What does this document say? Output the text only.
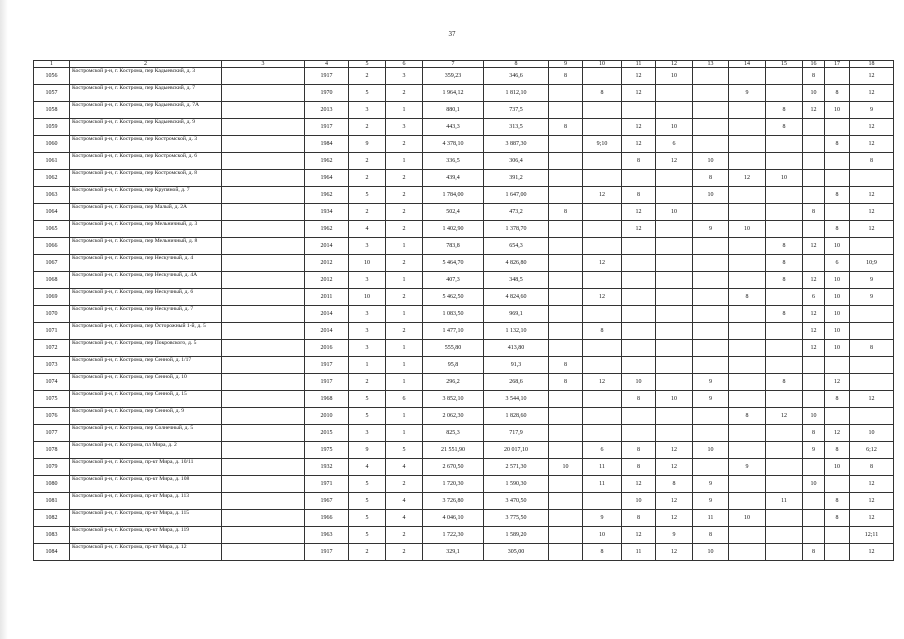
37
1	2	3	4	5	6	7	8	9	10	11	12	13	14	15	16	17	18
1056	Костромской р-н, г. Кострома, пер Кадыевский, д. 3		1917	2	3	359,23	346,6	8		12	10				8		12
1057	Костромской р-н, г. Кострома, пер Кадыевский, д. 7		1970	5	2	1 964,12	1 812,10		8	12			9		10	8	12
1058	Костромской р-н, г. Кострома, пер Кадыевский, д. 7А		2013	3	1	880,1	737,5							8	12	10	9
1059	Костромской р-н, г. Кострома, пер Кадыевский, д. 9		1917	2	3	443,3	313,5	8		12	10			8			12
1060	Костромской р-н, г. Кострома, пер Костромской, д. 3		1984	9	2	4 378,10	3 887,30		9;10	12	6					8	12
1061	Костромской р-н, г. Кострома, пер Костромской, д. 6		1962	2	1	336,5	306,4			8	12	10					8
1062	Костромской р-н, г. Кострома, пер Костромской, д. 8		1964	2	2	439,4	391,2					8	12	10			
1063	Костромской р-н, г. Кострома, пер Крупяной, д. 7		1962	5	2	1 784,00	1 647,00		12	8		10				8	12
1064	Костромской р-н, г. Кострома, пер Малый, д. 2А		1934	2	2	502,4	473,2	8		12	10				8		12
1065	Костромской р-н, г. Кострома, пер Мельничный, д. 3		1962	4	2	1 402,90	1 378,70			12		9	10			8	12
1066	Костромской р-н, г. Кострома, пер Мельничный, д. 8		2014	3	1	783,8	654,3							8	12	10	
1067	Костромской р-н, г. Кострома, пер Нескучный, д. 4		2012	10	2	5 464,70	4 826,80		12					8		6	10;9
1068	Костромской р-н, г. Кострома, пер Нескучный, д. 4А		2012	3	1	407,3	348,5							8	12	10	9
1069	Костромской р-н, г. Кострома, пер Нескучный, д. 6		2011	10	2	5 462,50	4 824,60		12				8		6	10	9
1070	Костромской р-н, г. Кострома, пер Нескучный, д. 7		2014	3	1	1 083,50	969,1							8	12	10	
1071	Костромской р-н, г. Кострома, пер Осторожный 1-й, д. 5		2014	3	2	1 477,10	1 132,10		8						12	10	
1072	Костромской р-н, г. Кострома, пер Покровского, д. 5		2016	3	1	555,80	413,80								12	10	8
1073	Костромской р-н, г. Кострома, пер Сенной, д. 1/17		1917	1	1	95,8	91,3	8									
1074	Костромской р-н, г. Кострома, пер Сенной, д. 10		1917	2	1	296,2	268,6	8	12	10		9		8		12	
1075	Костромской р-н, г. Кострома, пер Сенной, д. 15		1968	5	6	3 852,10	3 544,10			8	10	9				8	12
1076	Костромской р-н, г. Кострома, пер Сенной, д. 9		2010	5	1	2 062,30	1 828,60						8	12	10		
1077	Костромской р-н, г. Кострома, пер Солнечный, д. 5		2015	3	1	825,3	717,9								8	12	10
1078	Костромской р-н, г. Кострома, пл Мира, д. 2		1975	9	5	21 551,90	20 017,10		6	8	12	10			9	8	6;12
1079	Костромской р-н, г. Кострома, пр-кт Мира, д. 10/11		1932	4	4	2 670,50	2 571,30	10	11	8	12		9			10	8
1080	Костромской р-н, г. Кострома, пр-кт Мира, д. 108		1971	5	2	1 720,30	1 590,30		11	12	8	9			10		12
1081	Костромской р-н, г. Кострома, пр-кт Мира, д. 113		1967	5	4	3 726,80	3 470,50			10	12	9		11		8	12
1082	Костромской р-н, г. Кострома, пр-кт Мира, д. 115		1966	5	4	4 046,10	3 775,50		9	8	12	11	10			8	12
1083	Костромской р-н, г. Кострома, пр-кт Мира, д. 119		1963	5	2	1 722,30	1 589,20		10	12	9	8					12;11
1084	Костромской р-н, г. Кострома, пр-кт Мира, д. 12		1917	2	2	329,1	305,00		8	11	12	10			8		12
